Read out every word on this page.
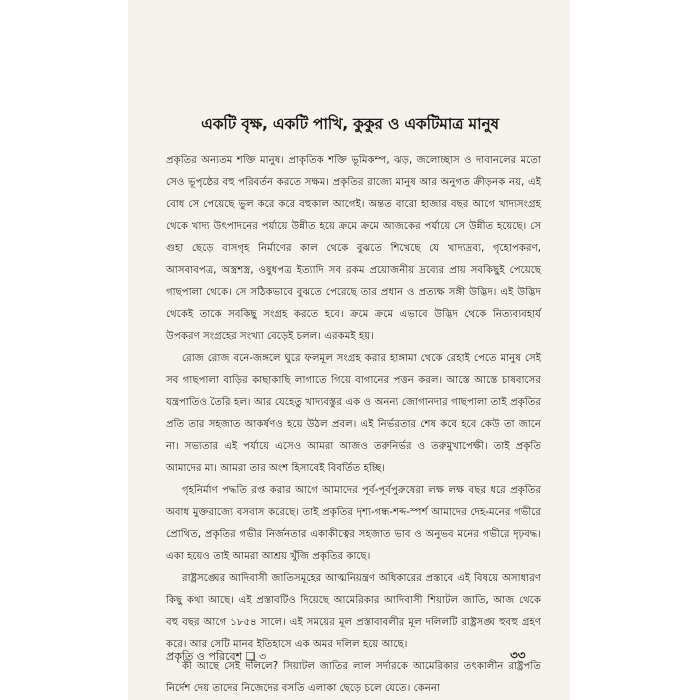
একটি বৃক্ষ, একটি পাখি, কুকুর ও একটিমাত্র মানুষ

প্রকৃতির অন্যতম শক্তি মানুষ। প্রাকৃতিক শক্তি ভূমিকম্প, ঝড়, জলোচ্ছাস ও দাবানলের মতো সেও ভূপৃষ্ঠের বহু পরিবর্তন করতে সক্ষম। প্রকৃতির রাজ্যে মানুষ আর অনুগত ক্রীড়নক নয়, এই বোধ সে পেয়েছে ভুল করে করে বহুকাল আগেই। অন্তত বারো হাজার বছর আগে খাদ্যসংগ্রহ থেকে খাদ্য উৎপাদনের পর্যায়ে উন্নীত হয়ে ক্রমে ক্রমে আজকের পর্যায়ে সে উন্নীত হয়েছে। সে গুহা ছেড়ে বাসগৃহ নির্মাণের কাল থেকে বুঝতে শিখেছে যে খাদ্যদ্রব্য, গৃহোপকরণ, আসবাবপত্র, অস্ত্রশস্ত্র, ওষুধপত্র ইত্যাদি সব রকম প্রয়োজনীয় দ্রব্যের প্রায় সবকিছুই পেয়েছে গাছপালা থেকে। সে সঠিকভাবে বুঝতে পেরেছে তার প্রধান ও প্রত্যক্ষ সঙ্গী উদ্ভিদ। এই উদ্ভিদ থেকেই তাকে সবকিছু সংগ্রহ করতে হবে। ক্রমে ক্রমে এভাবে উদ্ভিদ থেকে নিত্যব্যবহার্য উপকরণ সংগ্রহের সংখ্যা বেড়েই চলল। এরকমই হয়।

রোজ রোজ বনে-জঙ্গলে ঘুরে ফলমূল সংগ্রহ করার হাঙ্গামা থেকে রেহাই পেতে মানুষ সেই সব গাছপালা বাড়ির কাছাকাছি লাগাতে গিয়ে বাগানের পত্তন করল। আস্তে আস্তে চাষবাসের যন্ত্রপাতিও তৈরি হল। আর যেহেতু খাদ্যবস্তুর এক ও অনন্য জোগানদার গাছপালা তাই প্রকৃতির প্রতি তার সহজাত আকর্ষণও হয়ে উঠল প্রবল। এই নির্ভরতার শেষ কবে হবে কেউ তা জানে না। সভ্যতার এই পর্যায়ে এসেও আমরা আজও তরুনির্ভর ও তরুমুখাপেক্ষী। তাই প্রকৃতি আমাদের মা। আমরা তার অংশ হিসাবেই বিবর্তিত হচ্ছি।

গৃহনির্মাণ পদ্ধতি রপ্ত করার আগে আমাদের পূর্ব-পূর্বপুরুষেরা লক্ষ লক্ষ বছর ধরে প্রকৃতির অবাধ মুক্তরাজ্যে বসবাস করেছে। তাই প্রকৃতির দৃশ্য-গন্ধ-শব্দ-স্পর্শ আমাদের দেহ-মনের গভীরে প্রোথিত, প্রকৃতির গভীর নির্জনতার একাকীত্বের সহজাত ভাব ও অনুভব মনের গভীরে দৃঢ়বদ্ধ। একা হয়েও তাই আমরা আশ্রয় খুঁজি প্রকৃতির কাছে।

রাষ্ট্রসঙ্ঘের আদিবাসী জাতিসমূহের আত্মনিয়ন্ত্রণ অধিকারের প্রস্তাবে এই বিষয়ে অসাধারণ কিছু কথা আছে। এই প্রস্তাবটিও দিয়েছে আমেরিকার আদিবাসী শিয়াটল জাতি, আজ থেকে বহু বছর আগে ১৮৫৪ সালে। এই সময়ের মূল প্রস্তাবাবলীর মূল দলিলটি রাষ্ট্রসঙ্ঘ হুবহু গ্রহণ করে। আর সেটি মানব ইতিহাসে এক অমর দলিল হয়ে আছে।

কী আছে সেই দলিলে? সিয়াটল জাতির লাল সর্দারকে আমেরিকার তৎকালীন রাষ্ট্রপতি নির্দেশ দেয় তাদের নিজেদের বসতি এলাকা ছেড়ে চলে যেতে। কেননা

প্রকৃতি ও পরিবেশ ❑ ৩	৩৩
